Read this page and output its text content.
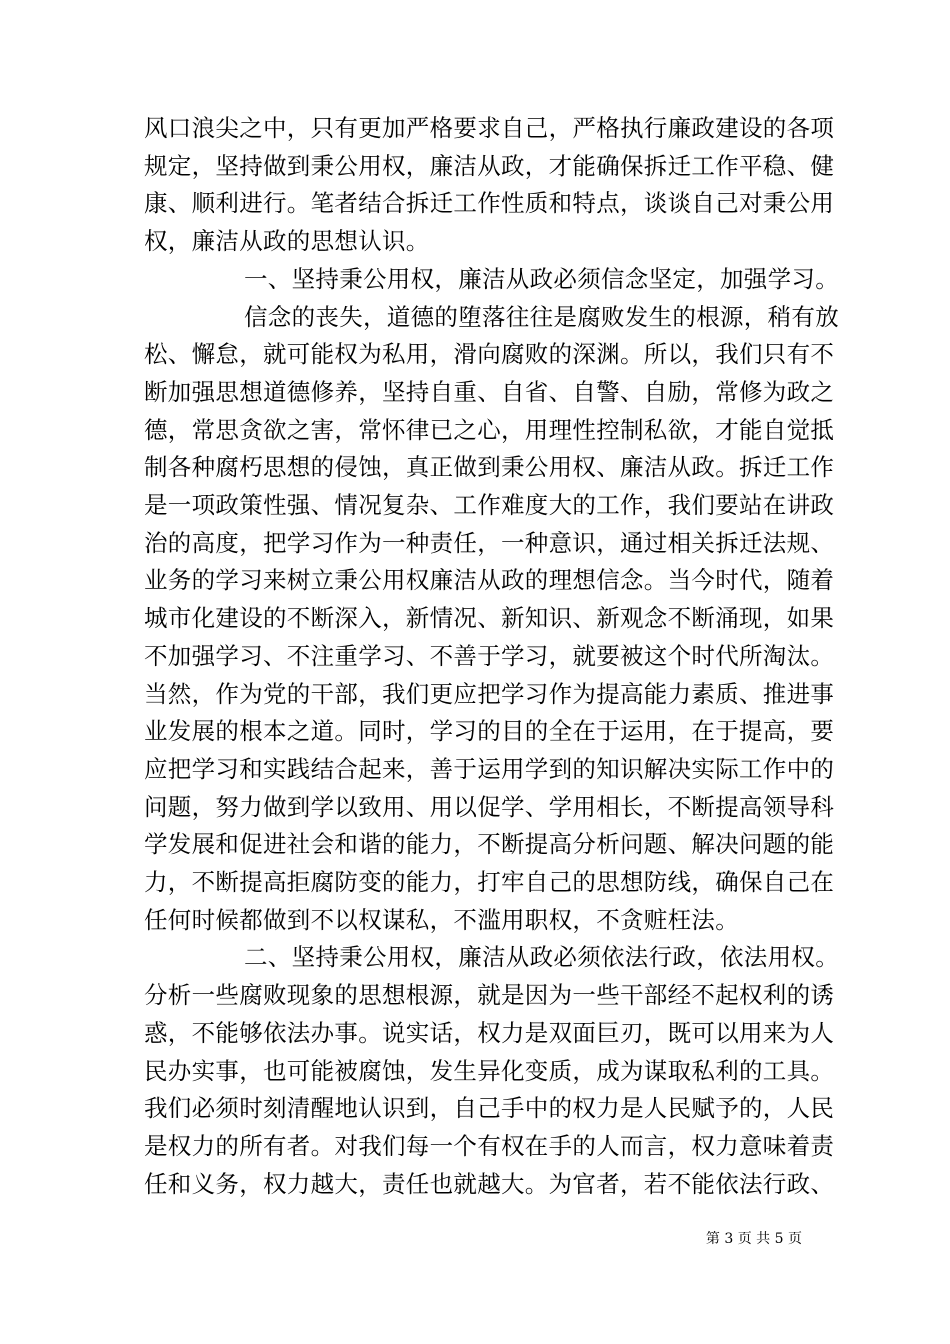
风口浪尖之中，只有更加严格要求自己，严格执行廉政建设的各项
规定，坚持做到秉公用权，廉洁从政，才能确保拆迁工作平稳、健
康、顺利进行。笔者结合拆迁工作性质和特点，谈谈自己对秉公用
权，廉洁从政的思想认识。
一、坚持秉公用权，廉洁从政必须信念坚定，加强学习。
信念的丧失，道德的堕落往往是腐败发生的根源，稍有放
松、懈怠，就可能权为私用，滑向腐败的深渊。所以，我们只有不
断加强思想道德修养，坚持自重、自省、自警、自励，常修为政之
德，常思贪欲之害，常怀律已之心，用理性控制私欲，才能自觉抵
制各种腐朽思想的侵蚀，真正做到秉公用权、廉洁从政。拆迁工作
是一项政策性强、情况复杂、工作难度大的工作，我们要站在讲政
治的高度，把学习作为一种责任，一种意识，通过相关拆迁法规、
业务的学习来树立秉公用权廉洁从政的理想信念。当今时代，随着
城市化建设的不断深入，新情况、新知识、新观念不断涌现，如果
不加强学习、不注重学习、不善于学习，就要被这个时代所淘汰。
当然，作为党的干部，我们更应把学习作为提高能力素质、推进事
业发展的根本之道。同时，学习的目的全在于运用，在于提高，要
应把学习和实践结合起来，善于运用学到的知识解决实际工作中的
问题，努力做到学以致用、用以促学、学用相长，不断提高领导科
学发展和促进社会和谐的能力，不断提高分析问题、解决问题的能
力，不断提高拒腐防变的能力，打牢自己的思想防线，确保自己在
任何时候都做到不以权谋私，不滥用职权，不贪赃枉法。
二、坚持秉公用权，廉洁从政必须依法行政，依法用权。
分析一些腐败现象的思想根源，就是因为一些干部经不起权利的诱
惑，不能够依法办事。说实话，权力是双面巨刃，既可以用来为人
民办实事，也可能被腐蚀，发生异化变质，成为谋取私利的工具。
我们必须时刻清醒地认识到，自己手中的权力是人民赋予的，人民
是权力的所有者。对我们每一个有权在手的人而言，权力意味着责
任和义务，权力越大，责任也就越大。为官者，若不能依法行政、
第 3 页 共 5 页
